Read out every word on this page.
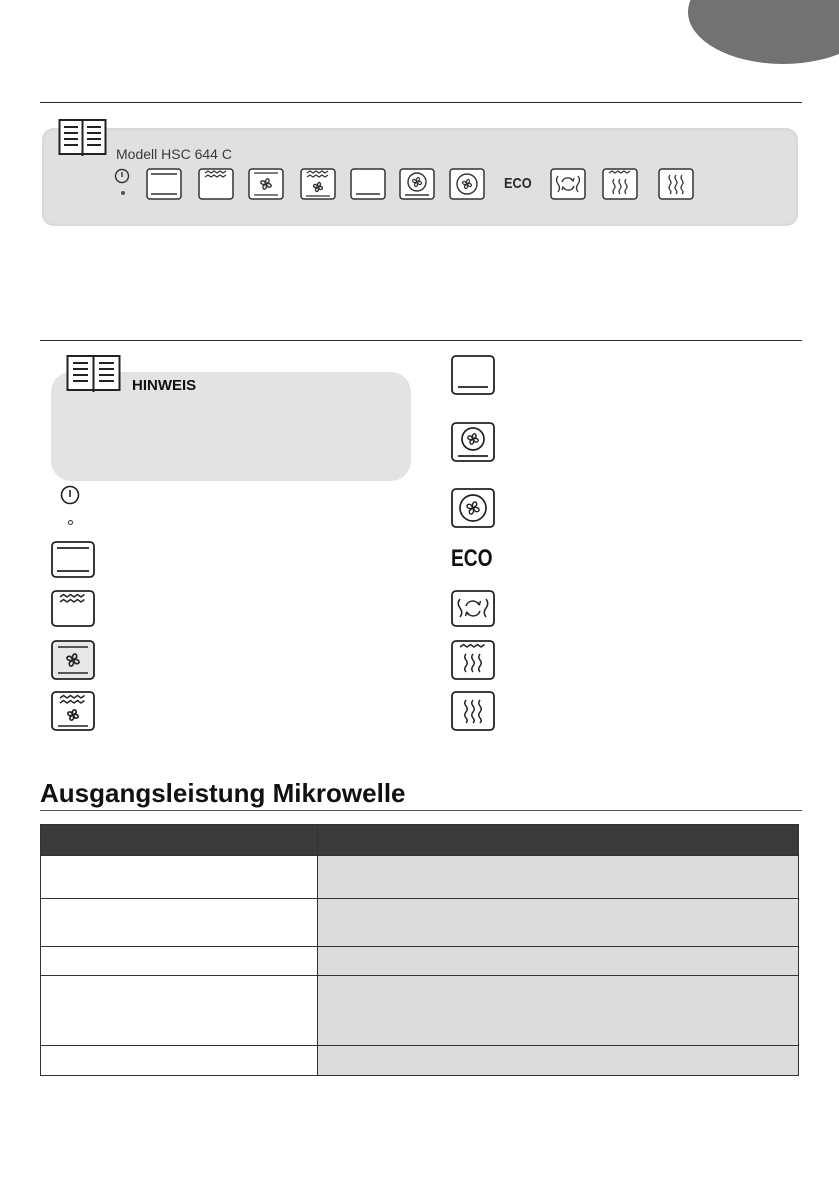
Modell HSC 644 C
ECO
HINWEIS
ECO
Ausgangsleistung Mikrowelle
